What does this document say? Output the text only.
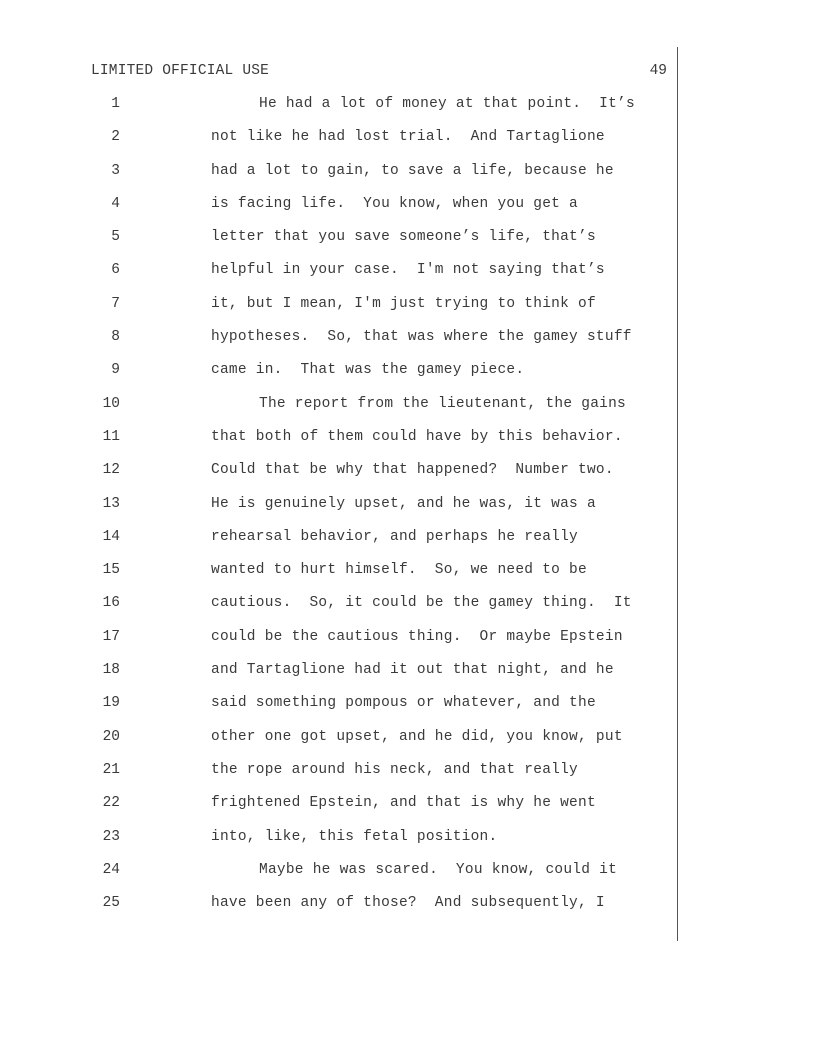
LIMITED OFFICIAL USE	49
1	He had a lot of money at that point.  It’s
2	not like he had lost trial.  And Tartaglione
3	had a lot to gain, to save a life, because he
4	is facing life.  You know, when you get a
5	letter that you save someone’s life, that’s
6	helpful in your case.  I'm not saying that’s
7	it, but I mean, I'm just trying to think of
8	hypotheses.  So, that was where the gamey stuff
9	came in.  That was the gamey piece.
10	The report from the lieutenant, the gains
11	that both of them could have by this behavior.
12	Could that be why that happened?  Number two.
13	He is genuinely upset, and he was, it was a
14	rehearsal behavior, and perhaps he really
15	wanted to hurt himself.  So, we need to be
16	cautious.  So, it could be the gamey thing.  It
17	could be the cautious thing.  Or maybe Epstein
18	and Tartaglione had it out that night, and he
19	said something pompous or whatever, and the
20	other one got upset, and he did, you know, put
21	the rope around his neck, and that really
22	frightened Epstein, and that is why he went
23	into, like, this fetal position.
24	Maybe he was scared.  You know, could it
25	have been any of those?  And subsequently, I
